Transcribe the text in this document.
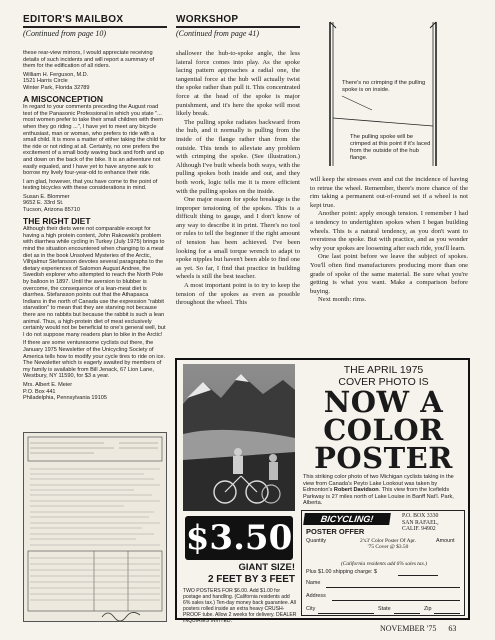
EDITOR'S MAILBOX
(Continued from page 10)

these rear-view mirrors, I would appreciate receiving details of such incidents and will report a summary of them for the edification of all riders.

William H. Ferguson, M.D.
1521 Harris Circle
Winter Park, Florida 32789

A MISCONCEPTION

In regard to your comments preceding the August road test of the Panasonic Professional in which you state "... most women prefer to take their small children with them when they go riding ...", I have yet to meet any bicycle enthusiast, man or woman, who prefers to ride with a small child. It is more a matter of either taking the child for the ride or not riding at all. Certainly, no one prefers the excitement of a small body waving back and forth and up and down on the back of the bike. It is an adventure not easily equaled, and I have yet to have anyone ask to borrow my lively four-year-old to enhance their ride.

I am glad, however, that you have come to the point of testing bicycles with these considerations in mind.

Susan E. Blommer
9652 E. 33rd St.
Tucson, Arizona 85710

THE RIGHT DIET

Although their diets were not comparable except for having a high protein content, John Rakowski's problem with diarrhea while cycling in Turkey (July 1975) brings to mind the situation encountered when changing to a meat diet as in the book Unsolved Mysteries of the Arctic, Vilhjalmur Stefansson devotes several paragraphs to the dietary experiences of Salomon August Andree, the Swedish explorer who attempted to reach the North Pole by balloon in 1897. Until the aversion to blubber is overcome, the consequence of a lean-meat diet is diarrhea. Stefansson points out that the Athapasca Indians in the north of Canada use the expression "rabbit starvation" to mean that they are starving not because there are no rabbits but because the rabbit is such a lean animal. Thus, a high-protein diet of meat exclusively certainly would not be beneficial to one's general well, but I do not suppose many readers plan to bike in the Arctic!

If there are some venturesome cyclists out there, the January 1975 Newsletter of the Unicycling Society of America tells how to modify your cycle tires to ride on ice. The Newsletter which is eagerly awaited by members of my family is available from Bill Jenack, 67 Lion Lane, Westbury, NY 11590, for $3 a year.

Mrs. Albert E. Meier
P.O. Box 441
Philadelphia, Pennsylvania 19105

WORKSHOP
(Continued from page 41)

shallower the hub-to-spoke angle, the less lateral force comes into play. As the spoke lacing pattern approaches a radial one, the tangential force at the hub will actually twist the spoke rather than pull it. This concentrated force at the head of the spoke is major punishment, and it's here the spoke will most likely break.

The pulling spoke radiates backward from the hub, and it normally is pulling from the inside of the flange rather than from the outside. This tends to alleviate any problem with crimping the spoke. (See illustration.) Although I've built wheels both ways, with the pulling spokes both inside and out, and they both work, logic tells me it is more efficient with the pulling spokes on the inside.

One major reason for spoke breakage is the improper tensioning of the spokes. This is a difficult thing to gauge, and I don't know of any way to describe it in print. There's no tool or rules to tell the beginner if the right amount of tension has been achieved. I've been looking for a small torque wrench to adapt to spoke nipples but haven't been able to find one as yet. So far, I find that practice in building wheels is still the best teacher.

A most important point is to try to keep the tension of the spokes as even as possible throughout the wheel. This

There's no crimping if the pulling spoke is on inside.
The pulling spoke will be crimped at this point if it's laced from the outside of the hub flange.

will keep the stresses even and cut the incidence of having to retrue the wheel. Remember, there's more chance of the rim taking a permanent out-of-round set if a wheel is not kept true.

Another point: apply enough tension. I remember I had a tendency to undertighten spokes when I began building wheels. This is a natural tendency, as you don't want to overstress the spoke. But with practice, and as you wonder why your spokes are loosening after each ride, you'll learn.

One last point before we leave the subject of spokes. You'll often find manufacturers producing more than one grade of spoke of the same material. Be sure what you're getting is what you want. Make a comparison before buying.

Next month: rims.

THE APRIL 1975
COVER PHOTO IS
NOW A
COLOR
POSTER
This striking color photo of two Michigan cyclists taking in the view from Canada's Peyto Lake Lookout was taken by Edmonton's Robert Davidson. This view from the Icefields Parkway is 27 miles north of Lake Louise in Banff Nat'l. Park, Alberta.
$3.50
GIANT SIZE!
2 FEET BY 3 FEET
TWO POSTERS FOR $6.00. Add $1.00 for postage and handling. (California residents add 6% sales tax.) Ten-day money back guarantee. All posters rolled inside an extra heavy CRUSH-PROOF tube. Allow 2 weeks for delivery. DEALER INQUIRIES INVITED.
BICYCLING!	P.O. BOX 3330
SAN RAFAEL,
CALIF. 94902
POSTER OFFER
Quantity	2'x3' Color Poster Of Apr. '75 Cover @ $3.50
Amount
(California residents add 6% sales tax.)
Plus $1.00 shipping charge: $
Name
Address
City	State	Zip
NOVEMBER '75 63
